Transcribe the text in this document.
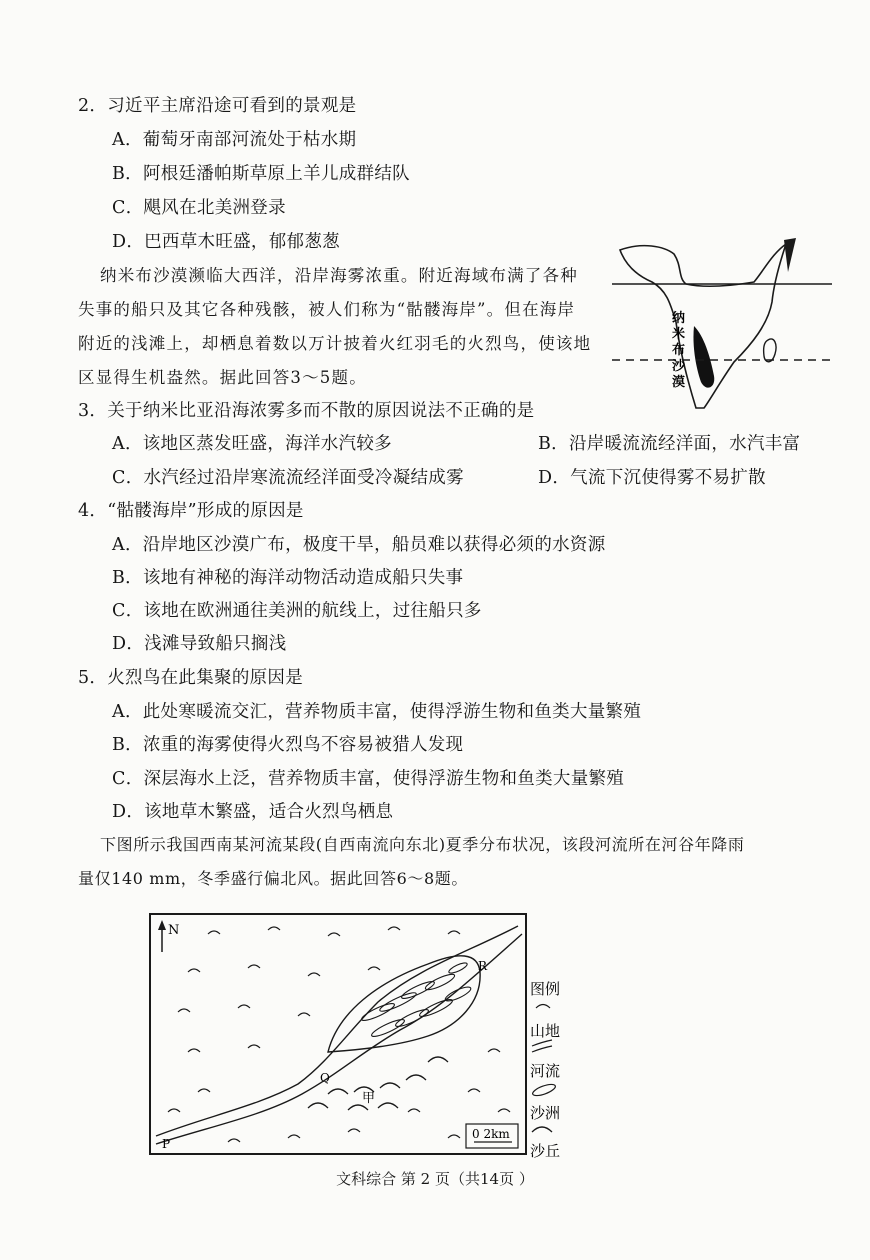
2．习近平主席沿途可看到的景观是
A．葡萄牙南部河流处于枯水期
B．阿根廷潘帕斯草原上羊儿成群结队
C．飓风在北美洲登录
D．巴西草木旺盛，郁郁葱葱
纳米布沙漠濒临大西洋，沿岸海雾浓重。附近海域布满了各种
失事的船只及其它各种残骸，被人们称为“骷髅海岸”。但在海岸
附近的浅滩上，却栖息着数以万计披着火红羽毛的火烈鸟，使该地
区显得生机盎然。据此回答3～5题。
纳
米
布
沙
漠
3．关于纳米比亚沿海浓雾多而不散的原因说法不正确的是
A．该地区蒸发旺盛，海洋水汽较多	B．沿岸暖流流经洋面，水汽丰富
C．水汽经过沿岸寒流流经洋面受冷凝结成雾	D．气流下沉使得雾不易扩散
4．“骷髅海岸”形成的原因是
A．沿岸地区沙漠广布，极度干旱，船员难以获得必须的水资源
B．该地有神秘的海洋动物活动造成船只失事
C．该地在欧洲通往美洲的航线上，过往船只多
D．浅滩导致船只搁浅
5．火烈鸟在此集聚的原因是
A．此处寒暖流交汇，营养物质丰富，使得浮游生物和鱼类大量繁殖
B．浓重的海雾使得火烈鸟不容易被猎人发现
C．深层海水上泛，营养物质丰富，使得浮游生物和鱼类大量繁殖
D．该地草木繁盛，适合火烈鸟栖息
下图所示我国西南某河流某段(自西南流向东北)夏季分布状况，该段河流所在河谷年降雨
量仅140 mm，冬季盛行偏北风。据此回答6～8题。
N
P
Q
R
甲
0 2km
图例
山地
河流
沙洲
沙丘
文科综合 第 2 页（共14页 ）
